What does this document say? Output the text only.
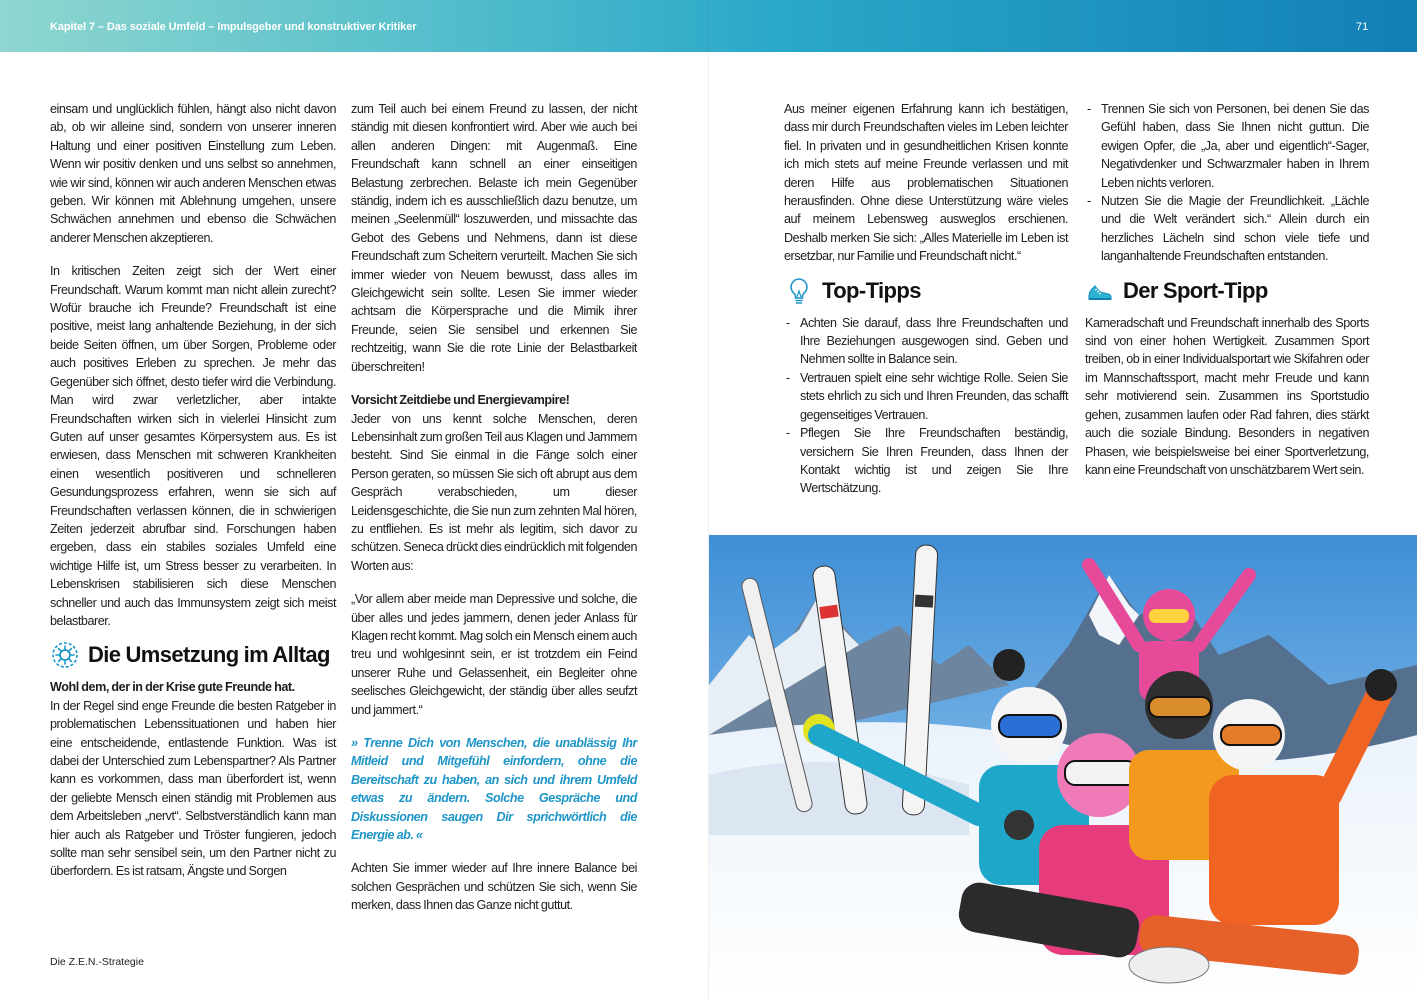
Kapitel 7 – Das soziale Umfeld – Impulsgeber und konstruktiver Kritiker	71

einsam und unglücklich fühlen, hängt also nicht davon ab, ob wir alleine sind, sondern von unserer inneren Haltung und einer positiven Einstellung zum Leben. Wenn wir positiv denken und uns selbst so annehmen, wie wir sind, können wir auch anderen Menschen etwas geben. Wir können mit Ablehnung umgehen, unsere Schwächen annehmen und ebenso die Schwächen anderer Menschen akzeptieren.

In kritischen Zeiten zeigt sich der Wert einer Freundschaft. Warum kommt man nicht allein zurecht? Wofür brauche ich Freunde? Freundschaft ist eine positive, meist lang anhaltende Beziehung, in der sich beide Seiten öffnen, um über Sorgen, Probleme oder auch positives Erleben zu sprechen. Je mehr das Gegenüber sich öffnet, desto tiefer wird die Verbindung. Man wird zwar verletzlicher, aber intakte Freundschaften wirken sich in vielerlei Hinsicht zum Guten auf unser gesamtes Körpersystem aus. Es ist erwiesen, dass Menschen mit schweren Krankheiten einen wesentlich positiveren und schnelleren Gesundungsprozess erfahren, wenn sie sich auf Freundschaften verlassen können, die in schwierigen Zeiten jederzeit abrufbar sind. Forschungen haben ergeben, dass ein stabiles soziales Umfeld eine wichtige Hilfe ist, um Stress besser zu verarbeiten. In Lebenskrisen stabilisieren sich diese Menschen schneller und auch das Immunsystem zeigt sich meist belastbarer.

Die Umsetzung im Alltag

Wohl dem, der in der Krise gute Freunde hat.

In der Regel sind enge Freunde die besten Ratgeber in problematischen Lebenssituationen und haben hier eine entscheidende, entlastende Funktion. Was ist dabei der Unterschied zum Lebenspartner? Als Partner kann es vorkommen, dass man überfordert ist, wenn der geliebte Mensch einen ständig mit Problemen aus dem Arbeitsleben „nervt“. Selbstverständlich kann man hier auch als Ratgeber und Tröster fungieren, jedoch sollte man sehr sensibel sein, um den Partner nicht zu überfordern. Es ist ratsam, Ängste und Sorgen

zum Teil auch bei einem Freund zu lassen, der nicht ständig mit diesen konfrontiert wird. Aber wie auch bei allen anderen Dingen: mit Augenmaß. Eine Freundschaft kann schnell an einer einseitigen Belastung zerbrechen. Belaste ich mein Gegenüber ständig, indem ich es ausschließlich dazu benutze, um meinen „Seelenmüll“ loszuwerden, und missachte das Gebot des Gebens und Nehmens, dann ist diese Freundschaft zum Scheitern verurteilt. Machen Sie sich immer wieder von Neuem bewusst, dass alles im Gleichgewicht sein sollte. Lesen Sie immer wieder achtsam die Körpersprache und die Mimik ihrer Freunde, seien Sie sensibel und erkennen Sie rechtzeitig, wann Sie die rote Linie der Belastbarkeit überschreiten!

Vorsicht Zeitdiebe und Energievampire!

Jeder von uns kennt solche Menschen, deren Lebensinhalt zum großen Teil aus Klagen und Jammern besteht. Sind Sie einmal in die Fänge solch einer Person geraten, so müssen Sie sich oft abrupt aus dem Gespräch verabschieden, um dieser Leidensgeschichte, die Sie nun zum zehnten Mal hören, zu entfliehen. Es ist mehr als legitim, sich davor zu schützen. Seneca drückt dies eindrücklich mit folgenden Worten aus:

„Vor allem aber meide man Depressive und solche, die über alles und jedes jammern, denen jeder Anlass für Klagen recht kommt. Mag solch ein Mensch einem auch treu und wohlgesinnt sein, er ist trotzdem ein Feind unserer Ruhe und Gelassenheit, ein Begleiter ohne seelisches Gleichgewicht, der ständig über alles seufzt und jammert.“

» Trenne Dich von Menschen, die unablässig Ihr Mitleid und Mitgefühl einfordern, ohne die Bereitschaft zu haben, an sich und ihrem Umfeld etwas zu ändern. Solche Gespräche und Diskussionen saugen Dir sprichwörtlich die Energie ab. «

Achten Sie immer wieder auf Ihre innere Balance bei solchen Gesprächen und schützen Sie sich, wenn Sie merken, dass Ihnen das Ganze nicht guttut.

Aus meiner eigenen Erfahrung kann ich bestätigen, dass mir durch Freundschaften vieles im Leben leichter fiel. In privaten und in gesundheitlichen Krisen konnte ich mich stets auf meine Freunde verlassen und mit deren Hilfe aus problematischen Situationen herausfinden. Ohne diese Unterstützung wäre vieles auf meinem Lebensweg ausweglos erschienen. Deshalb merken Sie sich: „Alles Materielle im Leben ist ersetzbar, nur Familie und Freundschaft nicht.“

Top-Tipps
- Achten Sie darauf, dass Ihre Freundschaften und Ihre Beziehungen ausgewogen sind. Geben und Nehmen sollte in Balance sein.
- Vertrauen spielt eine sehr wichtige Rolle. Seien Sie stets ehrlich zu sich und Ihren Freunden, das schafft gegenseitiges Vertrauen.
- Pflegen Sie Ihre Freundschaften beständig, versichern Sie Ihren Freunden, dass Ihnen der Kontakt wichtig ist und zeigen Sie Ihre Wertschätzung.
- Trennen Sie sich von Personen, bei denen Sie das Gefühl haben, dass Sie Ihnen nicht guttun. Die ewigen Opfer, die „Ja, aber und eigentlich“-Sager, Negativdenker und Schwarzmaler haben in Ihrem Leben nichts verloren.
- Nutzen Sie die Magie der Freundlichkeit. „Lächle und die Welt verändert sich.“ Allein durch ein herzliches Lächeln sind schon viele tiefe und langanhaltende Freundschaften entstanden.
Der Sport-Tipp

Kameradschaft und Freundschaft innerhalb des Sports sind von einer hohen Wertigkeit. Zusammen Sport treiben, ob in einer Individualsportart wie Skifahren oder im Mannschaftssport, macht mehr Freude und kann sehr motivierend sein. Zusammen ins Sportstudio gehen, zusammen laufen oder Rad fahren, dies stärkt auch die soziale Bindung. Besonders in negativen Phasen, wie beispielsweise bei einer Sportverletzung, kann eine Freundschaft von unschätzbarem Wert sein.

Die Z.E.N.-Strategie
